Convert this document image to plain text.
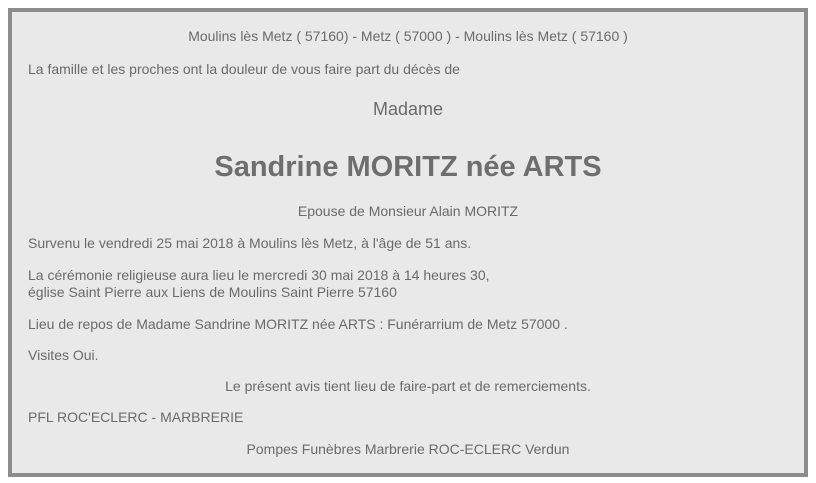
Moulins lès Metz ( 57160) - Metz ( 57000 ) - Moulins lès Metz ( 57160 )
La famille et les proches ont la douleur de vous faire part du décès de
Madame
Sandrine MORITZ née ARTS
Epouse de Monsieur Alain MORITZ
Survenu le vendredi 25 mai 2018 à Moulins lès Metz, à l'âge de 51 ans.
La cérémonie religieuse aura lieu le mercredi 30 mai 2018 à 14 heures 30,
église Saint Pierre aux Liens de Moulins Saint Pierre 57160
Lieu de repos de Madame Sandrine MORITZ née ARTS : Funérarrium de Metz 57000 .
Visites Oui.
Le présent avis tient lieu de faire-part et de remerciements.
PFL ROC'ECLERC - MARBRERIE
Pompes Funèbres Marbrerie ROC-ECLERC Verdun
